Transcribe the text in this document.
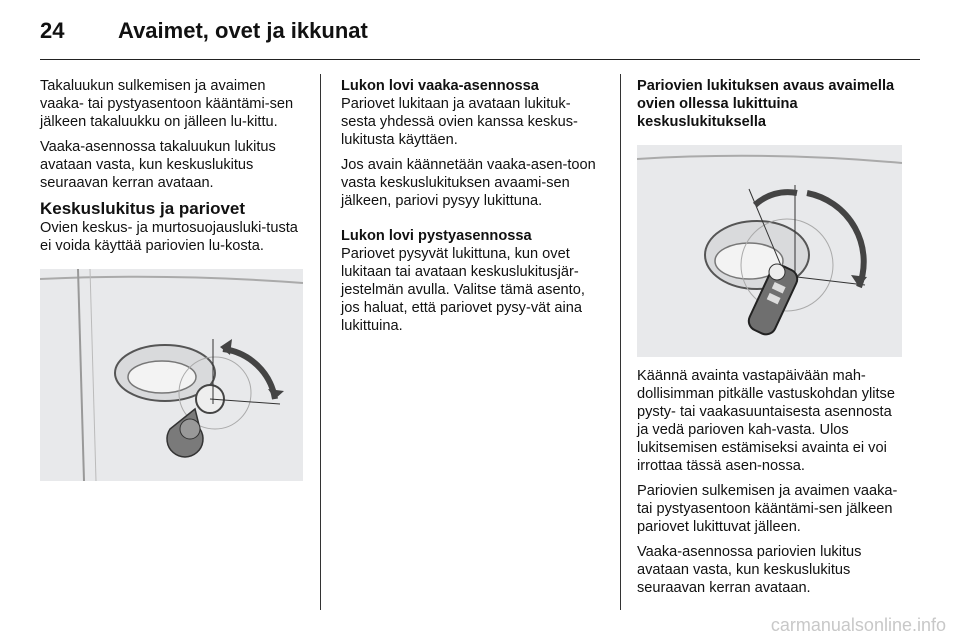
24 Avaimet, ovet ja ikkunat

Takaluukun sulkemisen ja avaimen vaaka- tai pystyasentoon kääntämi-sen jälkeen takaluukku on jälleen lu-kittu.

Vaaka-asennossa takaluukun lukitus avataan vasta, kun keskuslukitus seuraavan kerran avataan.

Keskuslukitus ja pariovet

Ovien keskus- ja murtosuojausluki-tusta ei voida käyttää pariovien lu-kosta.

Lukon lovi vaaka-asennossa

Pariovet lukitaan ja avataan lukituk-sesta yhdessä ovien kanssa keskus-lukitusta käyttäen.

Jos avain käännetään vaaka-asen-toon vasta keskuslukituksen avaami-sen jälkeen, pariovi pysyy lukittuna.

Lukon lovi pystyasennossa

Pariovet pysyvät lukittuna, kun ovet lukitaan tai avataan keskuslukitusjär-jestelmän avulla. Valitse tämä asento, jos haluat, että pariovet pysy-vät aina lukittuina.

Pariovien lukituksen avaus avaimella ovien ollessa lukittuina keskuslukituksella

Käännä avainta vastapäivään mah-dollisimman pitkälle vastuskohdan ylitse pysty- tai vaakasuuntaisesta asennosta ja vedä parioven kah-vasta. Ulos lukitsemisen estämiseksi avainta ei voi irrottaa tässä asen-nossa.

Pariovien sulkemisen ja avaimen vaaka- tai pystyasentoon kääntämi-sen jälkeen pariovet lukittuvat jälleen.

Vaaka-asennossa pariovien lukitus avataan vasta, kun keskuslukitus seuraavan kerran avataan.

carmanualsonline.info
